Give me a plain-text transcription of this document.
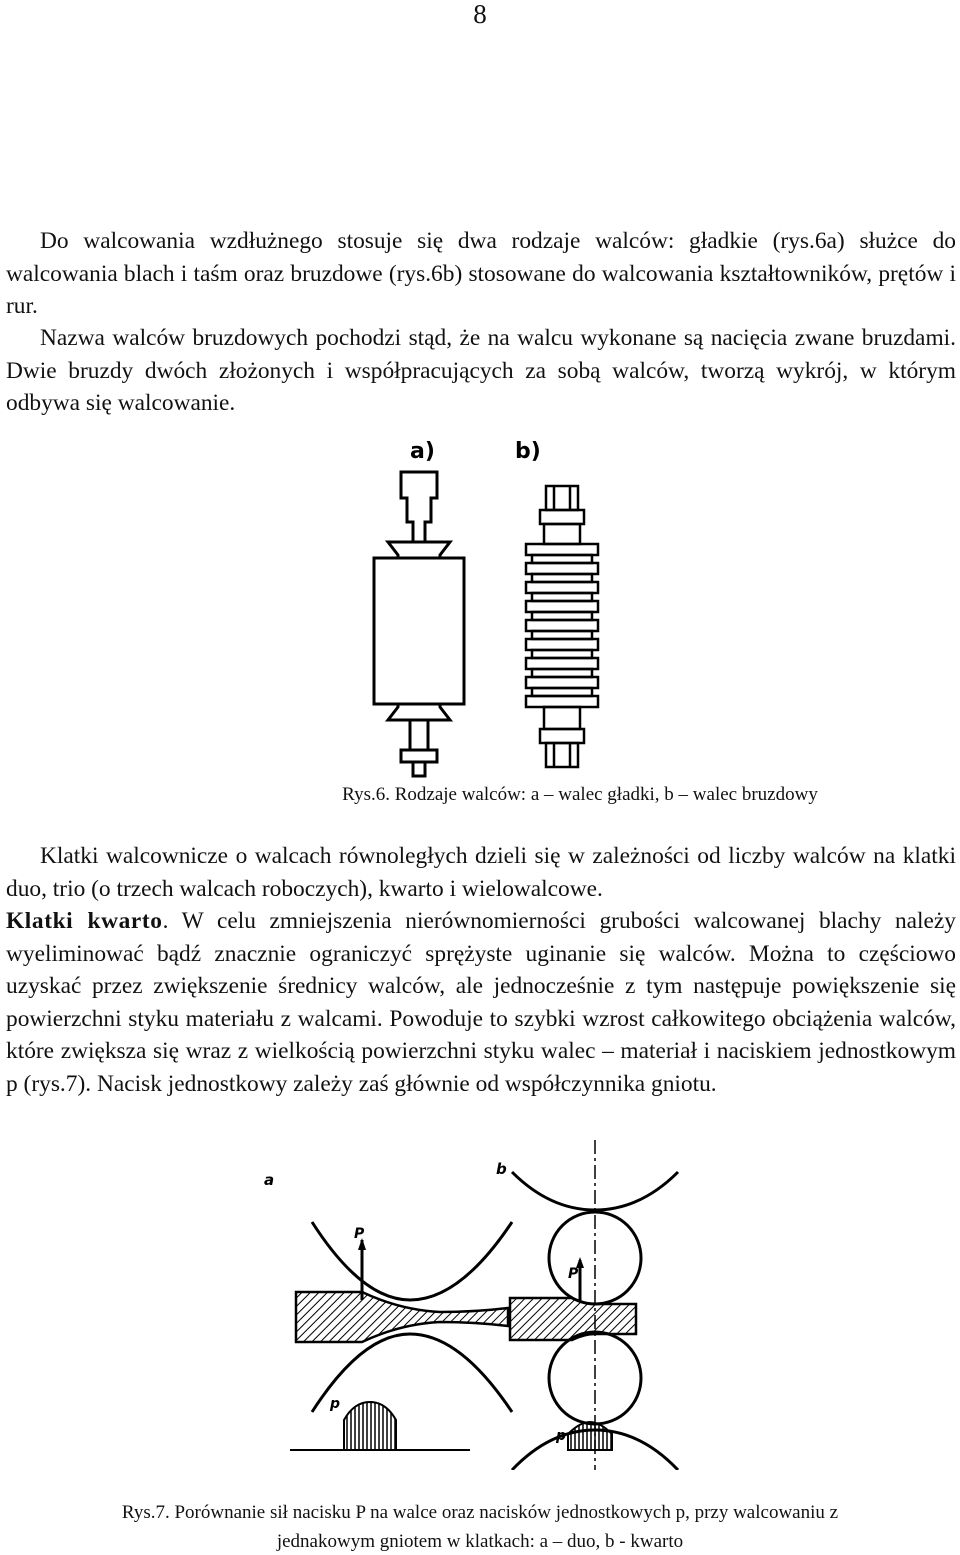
8

Do walcowania wzdłużnego stosuje się dwa rodzaje walców: gładkie (rys.6a) służce do walcowania blach i taśm oraz bruzdowe (rys.6b) stosowane do walcowania kształtowników, prętów i rur.

Nazwa walców bruzdowych pochodzi stąd, że na walcu wykonane są nacięcia zwane bruzdami. Dwie bruzdy dwóch złożonych i współpracujących za sobą walców, tworzą wykrój, w którym odbywa się walcowanie.

a)	b)
Rys.6. Rodzaje walców: a – walec gładki, b – walec bruzdowy

Klatki walcownicze o walcach równoległych dzieli się w zależności od liczby walców na klatki duo, trio (o trzech walcach roboczych), kwarto i wielowalcowe.

Klatki kwarto. W celu zmniejszenia nierównomierności grubości walcowanej blachy należy wyeliminować bądź znacznie ograniczyć sprężyste uginanie się walców. Można to częściowo uzyskać przez zwiększenie średnicy walców, ale jednocześnie z tym następuje powiększenie się powierzchni styku materiału z walcami. Powoduje to szybki wzrost całkowitego obciążenia walców, które zwiększa się wraz z wielkością powierzchni styku walec – materiał i naciskiem jednostkowym p (rys.7). Nacisk jednostkowy zależy zaś głównie od współczynnika gniotu.

a
b
P
p
P
p
Rys.7. Porównanie sił nacisku P na walce oraz nacisków jednostkowych p, przy walcowaniu z
jednakowym gniotem w klatkach: a – duo, b - kwarto
